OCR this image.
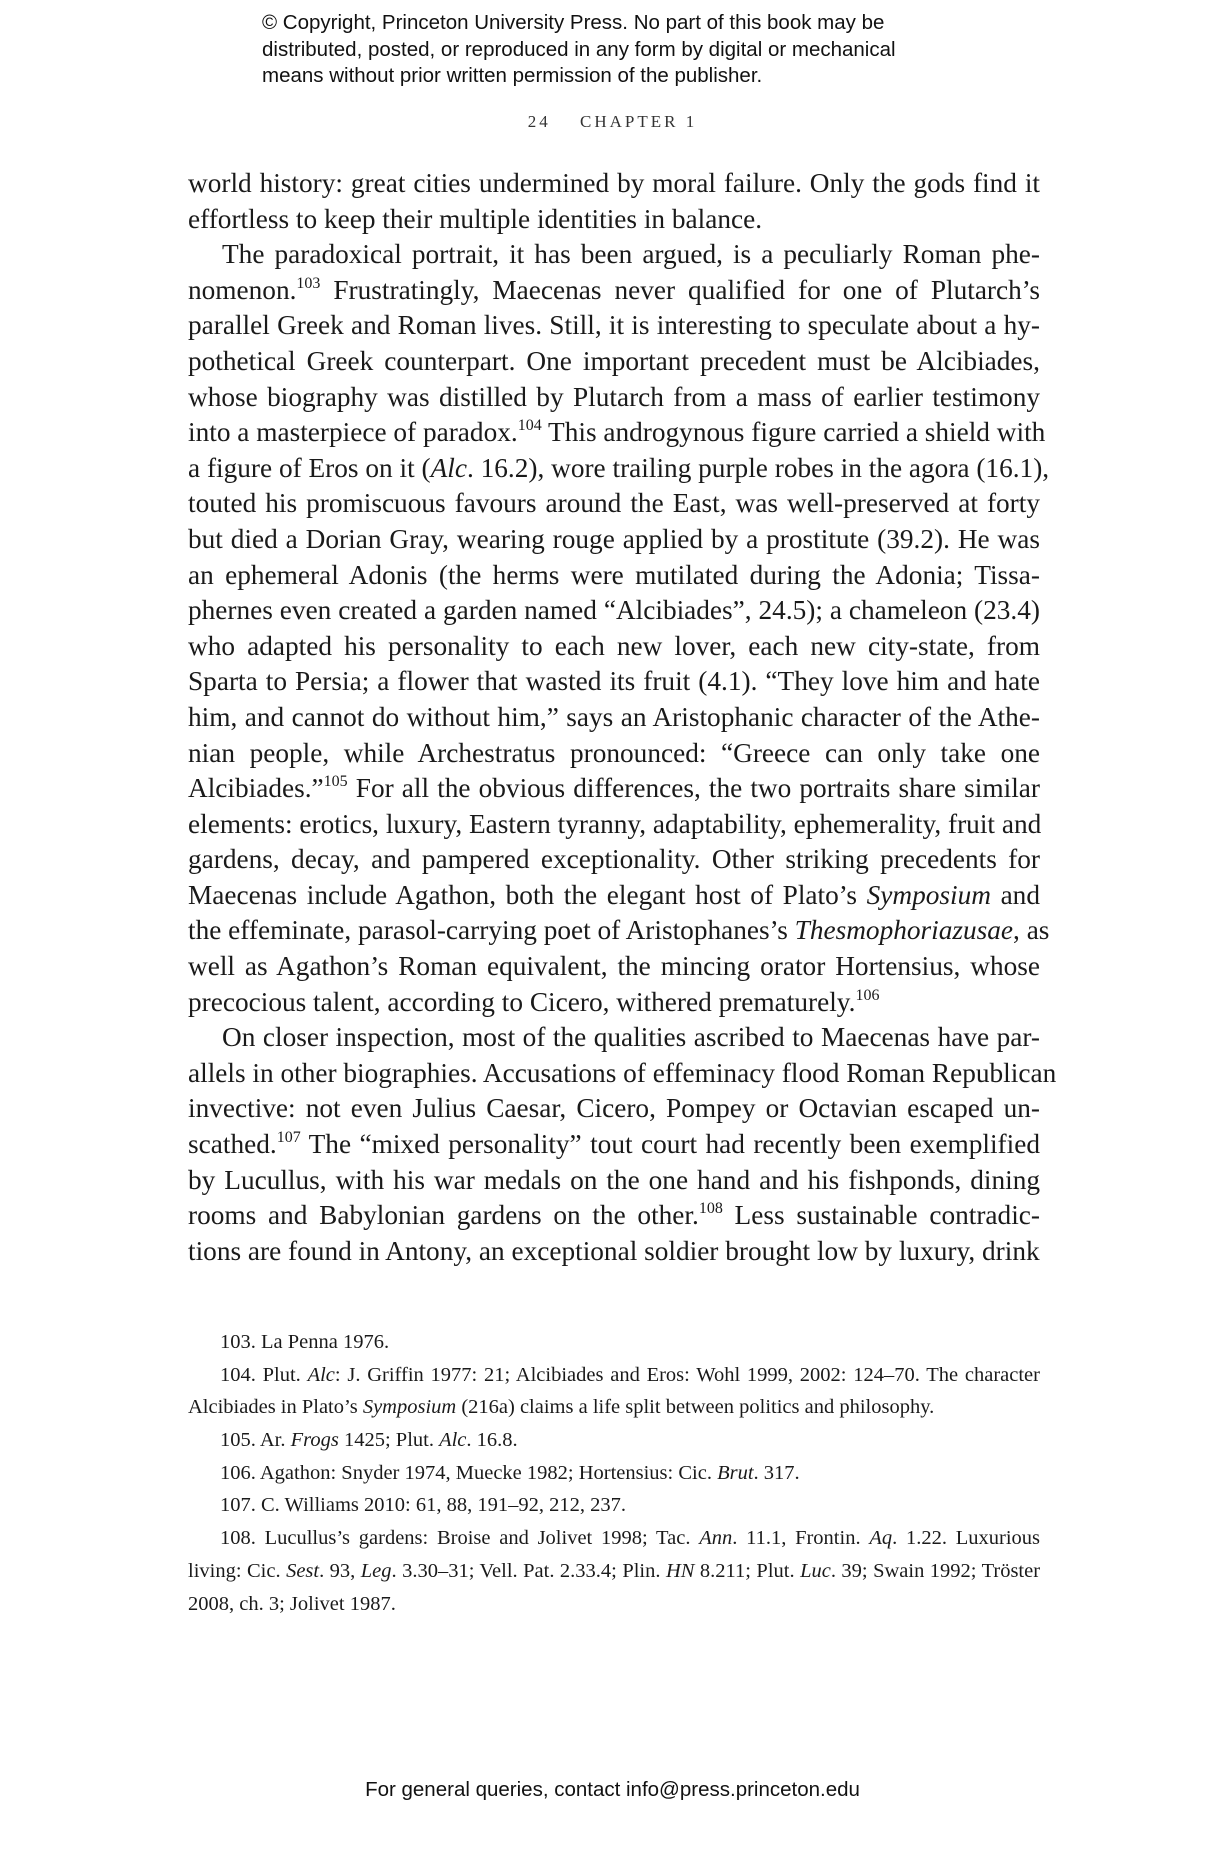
© Copyright, Princeton University Press. No part of this book may be
distributed, posted, or reproduced in any form by digital or mechanical
means without prior written permission of the publisher.
24 CHAPTER 1
world history: great cities undermined by moral failure. Only the gods find it
effortless to keep their multiple identities in balance.
The paradoxical portrait, it has been argued, is a peculiarly Roman phe-
nomenon.$^{103}$ Frustratingly, Maecenas never qualified for one of Plutarch’s
parallel Greek and Roman lives. Still, it is interesting to speculate about a hy-
pothetical Greek counterpart. One important precedent must be Alcibiades,
whose biography was distilled by Plutarch from a mass of earlier testimony
into a masterpiece of paradox.$^{104}$ This androgynous figure carried a shield with
a figure of Eros on it (Alc. 16.2), wore trailing purple robes in the agora (16.1),
touted his promiscuous favours around the East, was well-preserved at forty
but died a Dorian Gray, wearing rouge applied by a prostitute (39.2). He was
an ephemeral Adonis (the herms were mutilated during the Adonia; Tissa-
phernes even created a garden named “Alcibiades”, 24.5); a chameleon (23.4)
who adapted his personality to each new lover, each new city-state, from
Sparta to Persia; a flower that wasted its fruit (4.1). “They love him and hate
him, and cannot do without him,” says an Aristophanic character of the Athe-
nian people, while Archestratus pronounced: “Greece can only take one
Alcibiades.”$^{105}$ For all the obvious differences, the two portraits share similar
elements: erotics, luxury, Eastern tyranny, adaptability, ephemerality, fruit and
gardens, decay, and pampered exceptionality. Other striking precedents for
Maecenas include Agathon, both the elegant host of Plato’s Symposium and
the effeminate, parasol-carrying poet of Aristophanes’s Thesmophoriazusae, as
well as Agathon’s Roman equivalent, the mincing orator Hortensius, whose
precocious talent, according to Cicero, withered prematurely.$^{106}$
On closer inspection, most of the qualities ascribed to Maecenas have par-
allels in other biographies. Accusations of effeminacy flood Roman Republican
invective: not even Julius Caesar, Cicero, Pompey or Octavian escaped un-
scathed.$^{107}$ The “mixed personality” tout court had recently been exemplified
by Lucullus, with his war medals on the one hand and his fishponds, dining
rooms and Babylonian gardens on the other.$^{108}$ Less sustainable contradic-
tions are found in Antony, an exceptional soldier brought low by luxury, drink
103. La Penna 1976.
104. Plut. Alc: J. Griffin 1977: 21; Alcibiades and Eros: Wohl 1999, 2002: 124–70. The character
Alcibiades in Plato’s Symposium (216a) claims a life split between politics and philosophy.
105. Ar. Frogs 1425; Plut. Alc. 16.8.
106. Agathon: Snyder 1974, Muecke 1982; Hortensius: Cic. Brut. 317.
107. C. Williams 2010: 61, 88, 191–92, 212, 237.
108. Lucullus’s gardens: Broise and Jolivet 1998; Tac. Ann. 11.1, Frontin. Aq. 1.22. Luxurious
living: Cic. Sest. 93, Leg. 3.30–31; Vell. Pat. 2.33.4; Plin. HN 8.211; Plut. Luc. 39; Swain 1992; Tröster
2008, ch. 3; Jolivet 1987.
For general queries, contact info@press.princeton.edu
